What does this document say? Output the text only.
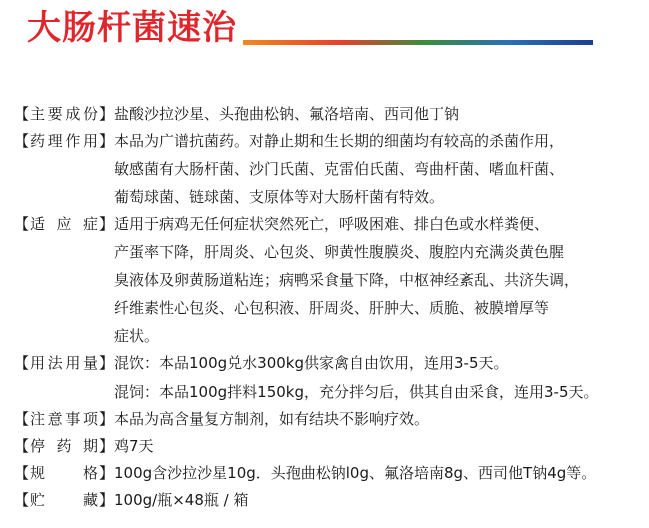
大肠杆菌速治
【 主要成份 】 盐酸沙拉沙星、头孢曲松钠、氟洛培南、西司他丁钠
【 药理作用 】 本品为广谱抗菌药。对静止期和生长期的细菌均有较高的杀菌作用，
敏感菌有大肠杆菌、沙门氏菌、克雷伯氏菌、弯曲杆菌、嗜血杆菌、
葡萄球菌、链球菌、支原体等对大肠杆菌有特效。
【 适应症 】 适用于病鸡无任何症状突然死亡，呼吸困难、排白色或水样粪便、
产蛋率下降，肝周炎、心包炎、卵黄性腹膜炎、腹腔内充满炎黄色腥
臭液体及卵黄肠道粘连；病鸭采食量下降，中枢神经紊乱、共济失调，
纤维素性心包炎、心包积液、肝周炎、肝肿大、质脆、被膜增厚等
症状。
【 用法用量 】 混饮：本品100g兑水300kg供家禽自由饮用，连用3-5天。
混饲：本品100g拌料150kg，充分拌匀后，供其自由采食，连用3-5天。
【 注意事项 】 本品为高含量复方制剂，如有结块不影响疗效。
【 停药期 】 鸡7天
【 规格 】 100g含沙拉沙星10g．头孢曲松钠l0g、氟洛培南8g、西司他T钠4g等。
【 贮藏 】 100g/瓶×48瓶 / 箱
